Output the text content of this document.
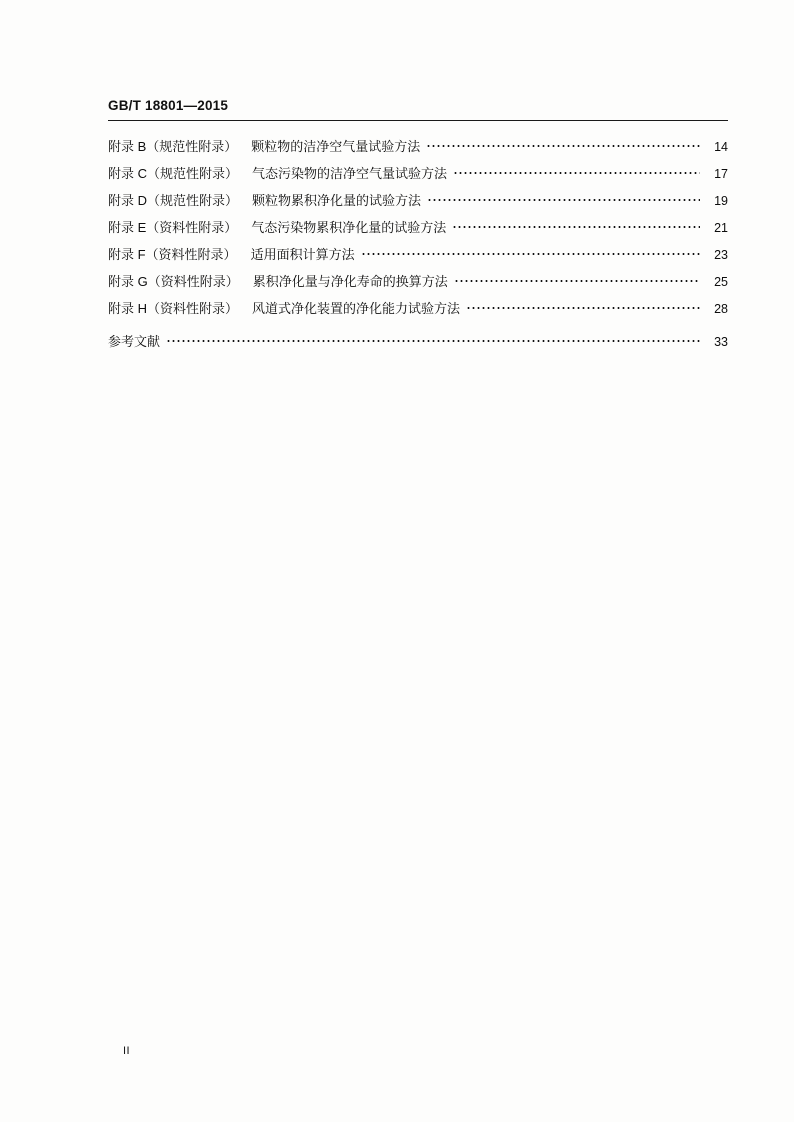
GB/T 18801—2015
附录 B（规范性附录） 颗粒物的洁净空气量试验方法	14
附录 C（规范性附录） 气态污染物的洁净空气量试验方法	17
附录 D（规范性附录） 颗粒物累积净化量的试验方法	19
附录 E（资料性附录） 气态污染物累积净化量的试验方法	21
附录 F（资料性附录） 适用面积计算方法	23
附录 G（资料性附录） 累积净化量与净化寿命的换算方法	25
附录 H（资料性附录） 风道式净化装置的净化能力试验方法	28
参考文献	33
II
